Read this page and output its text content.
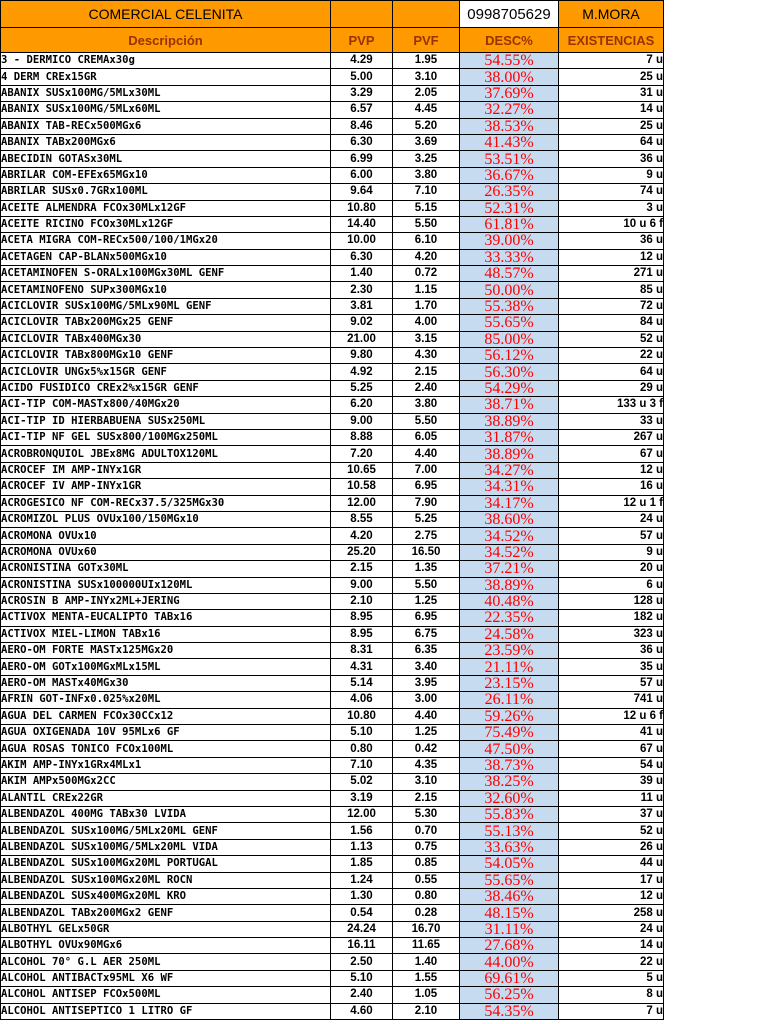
COMERCIAL CELENITA			0998705629	M.MORA
Descripción	PVP	PVF	DESC%	EXISTENCIAS
3 - DERMICO CREMAx30g	4.29	1.95	54.55%	7 u
4 DERM CREx15GR	5.00	3.10	38.00%	25 u
ABANIX SUSx100MG/5MLx30ML	3.29	2.05	37.69%	31 u
ABANIX SUSx100MG/5MLx60ML	6.57	4.45	32.27%	14 u
ABANIX TAB-RECx500MGx6	8.46	5.20	38.53%	25 u
ABANIX TABx200MGx6	6.30	3.69	41.43%	64 u
ABECIDIN GOTASx30ML	6.99	3.25	53.51%	36 u
ABRILAR COM-EFEx65MGx10	6.00	3.80	36.67%	9 u
ABRILAR SUSx0.7GRx100ML	9.64	7.10	26.35%	74 u
ACEITE ALMENDRA FCOx30MLx12GF	10.80	5.15	52.31%	3 u
ACEITE RICINO FCOx30MLx12GF	14.40	5.50	61.81%	10 u 6 f
ACETA MIGRA COM-RECx500/100/1MGx20	10.00	6.10	39.00%	36 u
ACETAGEN CAP-BLANx500MGx10	6.30	4.20	33.33%	12 u
ACETAMINOFEN S-ORALx100MGx30ML GENF	1.40	0.72	48.57%	271 u
ACETAMINOFENO SUPx300MGx10	2.30	1.15	50.00%	85 u
ACICLOVIR SUSx100MG/5MLx90ML GENF	3.81	1.70	55.38%	72 u
ACICLOVIR TABx200MGx25 GENF	9.02	4.00	55.65%	84 u
ACICLOVIR TABx400MGx30	21.00	3.15	85.00%	52 u
ACICLOVIR TABx800MGx10 GENF	9.80	4.30	56.12%	22 u
ACICLOVIR UNGx5%x15GR GENF	4.92	2.15	56.30%	64 u
ACIDO FUSIDICO CREx2%x15GR GENF	5.25	2.40	54.29%	29 u
ACI-TIP COM-MASTx800/40MGx20	6.20	3.80	38.71%	133 u 3 f
ACI-TIP ID HIERBABUENA SUSx250ML	9.00	5.50	38.89%	33 u
ACI-TIP NF GEL SUSx800/100MGx250ML	8.88	6.05	31.87%	267 u
ACROBRONQUIOL JBEx8MG ADULTOX120ML	7.20	4.40	38.89%	67 u
ACROCEF IM AMP-INYx1GR	10.65	7.00	34.27%	12 u
ACROCEF IV AMP-INYx1GR	10.58	6.95	34.31%	16 u
ACROGESICO NF COM-RECx37.5/325MGx30	12.00	7.90	34.17%	12 u 1 f
ACROMIZOL PLUS OVUx100/150MGx10	8.55	5.25	38.60%	24 u
ACROMONA OVUx10	4.20	2.75	34.52%	57 u
ACROMONA OVUx60	25.20	16.50	34.52%	9 u
ACRONISTINA GOTx30ML	2.15	1.35	37.21%	20 u
ACRONISTINA SUSx100000UIx120ML	9.00	5.50	38.89%	6 u
ACROSIN B AMP-INYx2ML+JERING	2.10	1.25	40.48%	128 u
ACTIVOX MENTA-EUCALIPTO TABx16	8.95	6.95	22.35%	182 u
ACTIVOX MIEL-LIMON TABx16	8.95	6.75	24.58%	323 u
AERO-OM FORTE MASTx125MGx20	8.31	6.35	23.59%	36 u
AERO-OM GOTx100MGxMLx15ML	4.31	3.40	21.11%	35 u
AERO-OM MASTx40MGx30	5.14	3.95	23.15%	57 u
AFRIN GOT-INFx0.025%x20ML	4.06	3.00	26.11%	741 u
AGUA DEL CARMEN FCOx30CCx12	10.80	4.40	59.26%	12 u 6 f
AGUA OXIGENADA 10V 95MLx6 GF	5.10	1.25	75.49%	41 u
AGUA ROSAS TONICO FCOx100ML	0.80	0.42	47.50%	67 u
AKIM AMP-INYx1GRx4MLx1	7.10	4.35	38.73%	54 u
AKIM AMPx500MGx2CC	5.02	3.10	38.25%	39 u
ALANTIL CREx22GR	3.19	2.15	32.60%	11 u
ALBENDAZOL 400MG TABx30 LVIDA	12.00	5.30	55.83%	37 u
ALBENDAZOL SUSx100MG/5MLx20ML GENF	1.56	0.70	55.13%	52 u
ALBENDAZOL SUSx100MG/5MLx20ML VIDA	1.13	0.75	33.63%	26 u
ALBENDAZOL SUSx100MGx20ML PORTUGAL	1.85	0.85	54.05%	44 u
ALBENDAZOL SUSx100MGx20ML ROCN	1.24	0.55	55.65%	17 u
ALBENDAZOL SUSx400MGx20ML KRO	1.30	0.80	38.46%	12 u
ALBENDAZOL TABx200MGx2 GENF	0.54	0.28	48.15%	258 u
ALBOTHYL GELx50GR	24.24	16.70	31.11%	24 u
ALBOTHYL OVUx90MGx6	16.11	11.65	27.68%	14 u
ALCOHOL 70° G.L AER 250ML	2.50	1.40	44.00%	22 u
ALCOHOL ANTIBACTx95ML X6 WF	5.10	1.55	69.61%	5 u
ALCOHOL ANTISEP FCOx500ML	2.40	1.05	56.25%	8 u
ALCOHOL ANTISEPTICO 1 LITRO GF	4.60	2.10	54.35%	7 u
